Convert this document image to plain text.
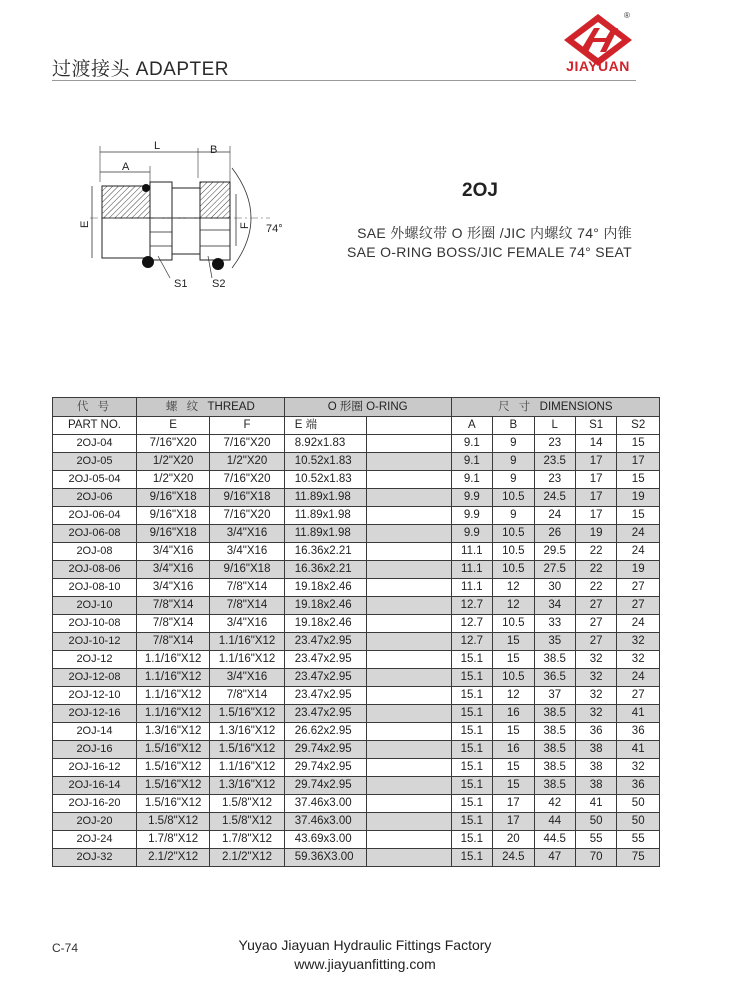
过渡接头 ADAPTER
®
JIAYUAN
L	B
A
E	F 74°
S1 S2
2OJ
SAE 外螺纹带 O 形圈 /JIC 内螺纹 74° 内锥
SAE O-RING BOSS/JIC FEMALE 74° SEAT
代 号	螺 纹 THREAD		O 形圈 O-RING		尺 寸 DIMENSIONS				
PART NO.	E	F	E 端		A	B	L	S1	S2
2OJ-04	7/16"X20	7/16"X20	8.92x1.83		9.1	9	23	14	15
2OJ-05	1/2"X20	1/2"X20	10.52x1.83		9.1	9	23.5	17	17
2OJ-05-04	1/2"X20	7/16"X20	10.52x1.83		9.1	9	23	17	15
2OJ-06	9/16"X18	9/16"X18	11.89x1.98		9.9	10.5	24.5	17	19
2OJ-06-04	9/16"X18	7/16"X20	11.89x1.98		9.9	9	24	17	15
2OJ-06-08	9/16"X18	3/4"X16	11.89x1.98		9.9	10.5	26	19	24
2OJ-08	3/4"X16	3/4"X16	16.36x2.21		11.1	10.5	29.5	22	24
2OJ-08-06	3/4"X16	9/16"X18	16.36x2.21		11.1	10.5	27.5	22	19
2OJ-08-10	3/4"X16	7/8"X14	19.18x2.46		11.1	12	30	22	27
2OJ-10	7/8"X14	7/8"X14	19.18x2.46		12.7	12	34	27	27
2OJ-10-08	7/8"X14	3/4"X16	19.18x2.46		12.7	10.5	33	27	24
2OJ-10-12	7/8"X14	1.1/16"X12	23.47x2.95		12.7	15	35	27	32
2OJ-12	1.1/16"X12	1.1/16"X12	23.47x2.95		15.1	15	38.5	32	32
2OJ-12-08	1.1/16"X12	3/4"X16	23.47x2.95		15.1	10.5	36.5	32	24
2OJ-12-10	1.1/16"X12	7/8"X14	23.47x2.95		15.1	12	37	32	27
2OJ-12-16	1.1/16"X12	1.5/16"X12	23.47x2.95		15.1	16	38.5	32	41
2OJ-14	1.3/16"X12	1.3/16"X12	26.62x2.95		15.1	15	38.5	36	36
2OJ-16	1.5/16"X12	1.5/16"X12	29.74x2.95		15.1	16	38.5	38	41
2OJ-16-12	1.5/16"X12	1.1/16"X12	29.74x2.95		15.1	15	38.5	38	32
2OJ-16-14	1.5/16"X12	1.3/16"X12	29.74x2.95		15.1	15	38.5	38	36
2OJ-16-20	1.5/16"X12	1.5/8"X12	37.46x3.00		15.1	17	42	41	50
2OJ-20	1.5/8"X12	1.5/8"X12	37.46x3.00		15.1	17	44	50	50
2OJ-24	1.7/8"X12	1.7/8"X12	43.69x3.00		15.1	20	44.5	55	55
2OJ-32	2.1/2"X12	2.1/2"X12	59.36X3.00		15.1	24.5	47	70	75
C-74	Yuyao Jiayuan Hydraulic Fittings Factory
www.jiayuanfitting.com
